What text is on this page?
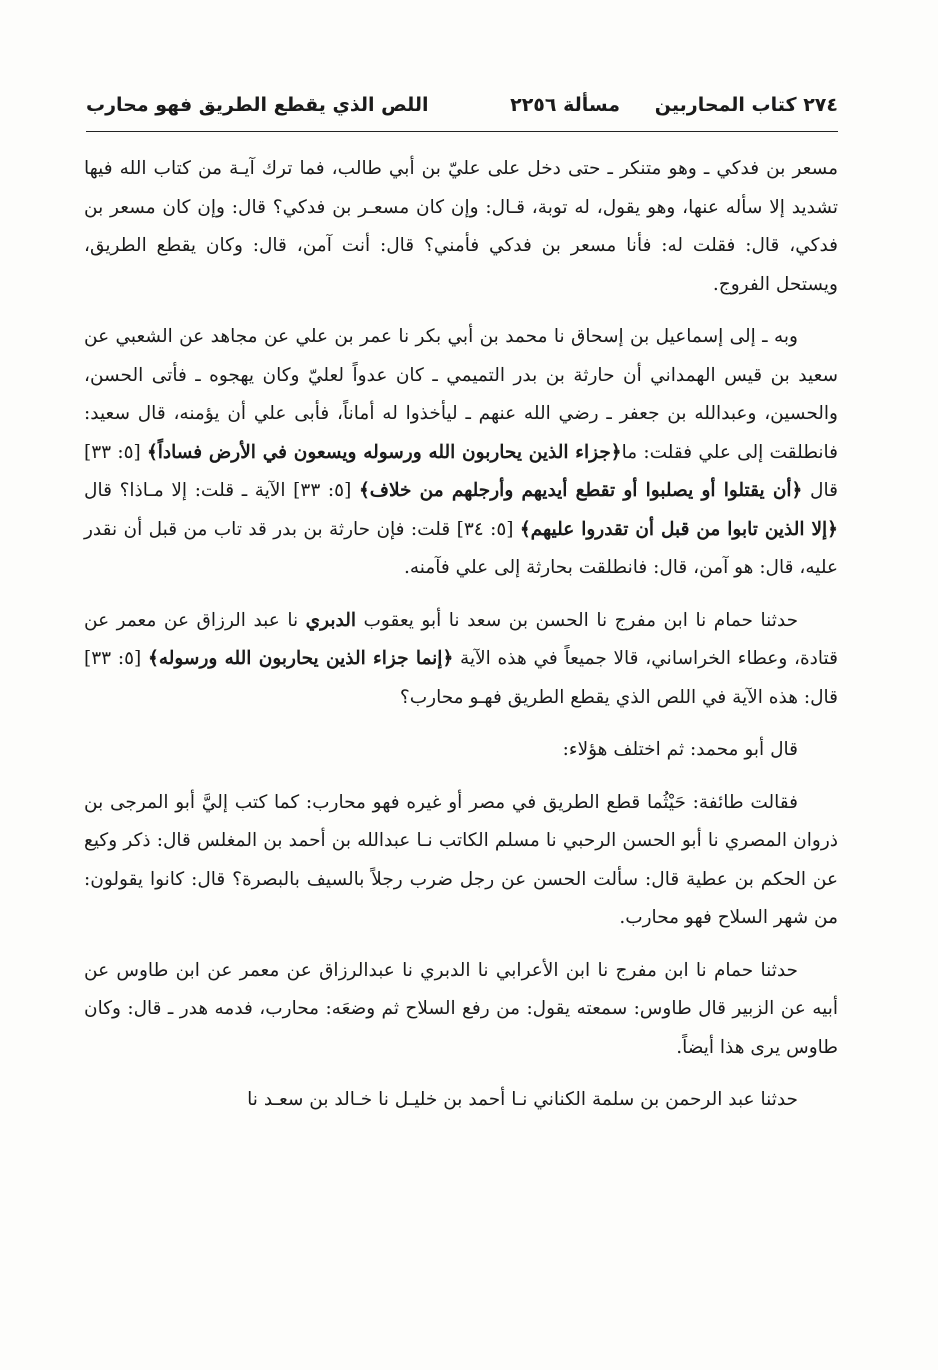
٢٧٤ كتاب المحاربين
مسألة ٢٢٥٦
اللص الذي يقطع الطريق فهو محارب

مسعر بن فدكي ـ وهو متنكر ـ حتى دخل على عليّ بن أبي طالب، فما ترك آيـة من كتاب الله فيها تشديد إلا سأله عنها، وهو يقول، له توبة، قـال: وإن كان مسعـر بن فدكي؟ قال: وإن كان مسعر بن فدكي، قال: فقلت له: فأنا مسعر بن فدكي فأمني؟ قال: أنت آمن، قال: وكان يقطع الطريق، ويستحل الفروج.

وبه ـ إلى إسماعيل بن إسحاق نا محمد بن أبي بكر نا عمر بن علي عن مجاهد عن الشعبي عن سعيد بن قيس الهمداني أن حارثة بن بدر التميمي ـ كان عدواً لعليّ وكان يهجوه ـ فأتى الحسن، والحسين، وعبدالله بن جعفر ـ رضي الله عنهم ـ ليأخذوا له أماناً، فأبى علي أن يؤمنه، قال سعيد: فانطلقت إلى علي فقلت: ما﴿جزاء الذين يحاربون الله ورسوله ويسعون في الأرض فساداً﴾ [٥: ٣٣] قال ﴿أن يقتلوا أو يصلبوا أو تقطع أيديهم وأرجلهم من خلاف﴾ [٥: ٣٣] الآية ـ قلت: إلا مـاذا؟ قال ﴿إلا الذين تابوا من قبل أن تقدروا عليهم﴾ [٥: ٣٤] قلت: فإن حارثة بن بدر قد تاب من قبل أن نقدر عليه، قال: هو آمن، قال: فانطلقت بحارثة إلى علي فآمنه.

حدثنا حمام نا ابن مفرج نا الحسن بن سعد نا أبو يعقوب الدبري نا عبد الرزاق عن معمر عن قتادة، وعطاء الخراساني، قالا جميعاً في هذه الآية ﴿إنما جزاء الذين يحاربون الله ورسوله﴾ [٥: ٣٣] قال: هذه الآية في اللص الذي يقطع الطريق فهـو محارب؟

قال أبو محمد: ثم اختلف هؤلاء:

فقالت طائفة: حَيْثُما قطع الطريق في مصر أو غيره فهو محارب: كما كتب إليَّ أبو المرجى بن ذروان المصري نا أبو الحسن الرحبي نا مسلم الكاتب نـا عبدالله بن أحمد بن المغلس قال: ذكر وكيع عن الحكم بن عطية قال: سألت الحسن عن رجل ضرب رجلاً بالسيف بالبصرة؟ قال: كانوا يقولون: من شهر السلاح فهو محارب.

حدثنا حمام نا ابن مفرج نا ابن الأعرابي نا الدبري نا عبدالرزاق عن معمر عن ابن طاوس عن أبيه عن الزبير قال طاوس: سمعته يقول: من رفع السلاح ثم وضعَه: محارب، فدمه هدر ـ قال: وكان طاوس يرى هذا أيضاً.

حدثنا عبد الرحمن بن سلمة الكناني نـا أحمد بن خليـل نا خـالد بن سعـد نا
